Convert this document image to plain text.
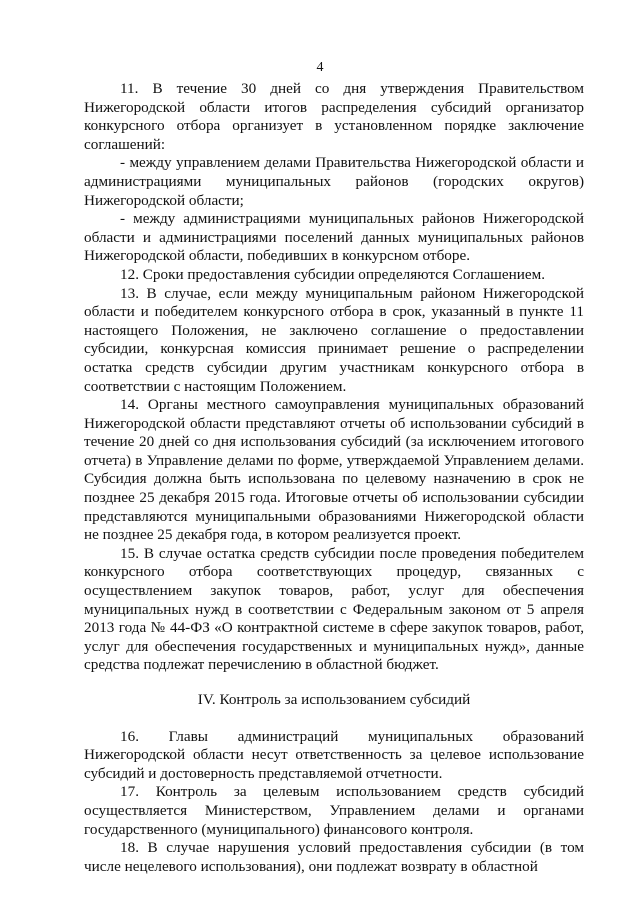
4

11. В течение 30 дней со дня утверждения Правительством Нижегородской области итогов распределения субсидий организатор конкурсного отбора организует в установленном порядке заключение соглашений:

- между управлением делами Правительства Нижегородской области и администрациями муниципальных районов (городских округов) Нижегородской области;

- между администрациями муниципальных районов Нижегородской области и администрациями поселений данных муниципальных районов Нижегородской области, победивших в конкурсном отборе.

12. Сроки предоставления субсидии определяются Соглашением.

13. В случае, если между муниципальным районом Нижегородской области и победителем конкурсного отбора в срок, указанный в пункте 11 настоящего Положения, не заключено соглашение о предоставлении субсидии, конкурсная комиссия принимает решение о распределении остатка средств субсидии другим участникам конкурсного отбора в соответствии с настоящим Положением.

14. Органы местного самоуправления муниципальных образований Нижегородской области представляют отчеты об использовании субсидий в течение 20 дней со дня использования субсидий (за исключением итогового отчета) в Управление делами по форме, утверждаемой Управлением делами. Субсидия должна быть использована по целевому назначению в срок не позднее 25 декабря 2015 года. Итоговые отчеты об использовании субсидии представляются муниципальными образованиями Нижегородской области не позднее 25 декабря года, в котором реализуется проект.

15. В случае остатка средств субсидии после проведения победителем конкурсного отбора соответствующих процедур, связанных с осуществлением закупок товаров, работ, услуг для обеспечения муниципальных нужд в соответствии с Федеральным законом от 5 апреля 2013 года № 44-ФЗ «О контрактной системе в сфере закупок товаров, работ, услуг для обеспечения государственных и муниципальных нужд», данные средства подлежат перечислению в областной бюджет.

IV. Контроль за использованием субсидий

16. Главы администраций муниципальных образований Нижегородской области несут ответственность за целевое использование субсидий и достоверность представляемой отчетности.

17. Контроль за целевым использованием средств субсидий осуществляется Министерством, Управлением делами и органами государственного (муниципального) финансового контроля.

18. В случае нарушения условий предоставления субсидии (в том числе нецелевого использования), они подлежат возврату в областной
